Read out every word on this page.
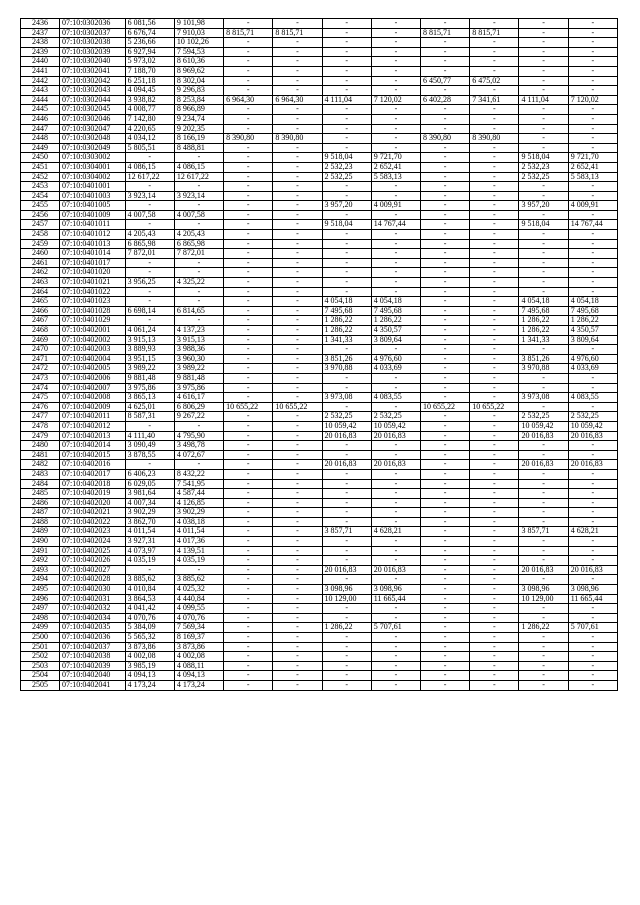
2436	07:10:0302036	6 081,56	9 101,98	-	-	-	-	-	-	-	-
2437	07:10:0302037	6 676,74	7 910,03	8 815,71	8 815,71	-	-	8 815,71	8 815,71	-	-
2438	07:10:0302038	5 236,66	10 102,26	-	-	-	-	-	-	-	-
2439	07:10:0302039	6 927,94	7 594,53	-	-	-	-	-	-	-	-
2440	07:10:0302040	5 973,02	8 610,36	-	-	-	-	-	-	-	-
2441	07:10:0302041	7 188,70	8 969,62	-	-	-	-	-	-	-	-
2442	07:10:0302042	6 251,18	8 302,04	-	-	-	-	6 450,77	6 475,02	-	-
2443	07:10:0302043	4 094,45	9 296,83	-	-	-	-	-	-	-	-
2444	07:10:0302044	3 938,82	8 253,84	6 964,30	6 964,30	4 111,04	7 120,02	6 402,28	7 341,61	4 111,04	7 120,02
2445	07:10:0302045	4 008,77	8 966,89	-	-	-	-	-	-	-	-
2446	07:10:0302046	7 142,80	9 234,74	-	-	-	-	-	-	-	-
2447	07:10:0302047	4 220,65	9 202,35	-	-	-	-	-	-	-	-
2448	07:10:0302048	4 034,12	8 166,19	8 390,80	8 390,80	-	-	8 390,80	8 390,80	-	-
2449	07:10:0302049	5 805,51	8 488,81	-	-	-	-	-	-	-	-
2450	07:10:0303002	-	-	-	-	9 518,04	9 721,70	-	-	9 518,04	9 721,70
2451	07:10:0304001	4 086,15	4 086,15	-	-	2 532,23	2 652,41	-	-	2 532,23	2 652,41
2452	07:10:0304002	12 617,22	12 617,22	-	-	2 532,25	5 583,13	-	-	2 532,25	5 583,13
2453	07:10:0401001	-	-	-	-	-	-	-	-	-	-
2454	07:10:0401003	3 923,14	3 923,14	-	-	-	-	-	-	-	-
2455	07:10:0401005	-	-	-	-	3 957,20	4 009,91	-	-	3 957,20	4 009,91
2456	07:10:0401009	4 007,58	4 007,58	-	-	-	-	-	-	-	-
2457	07:10:0401011	-	-	-	-	9 518,04	14 767,44	-	-	9 518,04	14 767,44
2458	07:10:0401012	4 205,43	4 205,43	-	-	-	-	-	-	-	-
2459	07:10:0401013	6 865,98	6 865,98	-	-	-	-	-	-	-	-
2460	07:10:0401014	7 872,01	7 872,01	-	-	-	-	-	-	-	-
2461	07:10:0401017	-	-	-	-	-	-	-	-	-	-
2462	07:10:0401020	-	-	-	-	-	-	-	-	-	-
2463	07:10:0401021	3 956,25	4 325,22	-	-	-	-	-	-	-	-
2464	07:10:0401022	-	-	-	-	-	-	-	-	-	-
2465	07:10:0401023	-	-	-	-	4 054,18	4 054,18	-	-	4 054,18	4 054,18
2466	07:10:0401028	6 698,14	6 814,65	-	-	7 495,68	7 495,68	-	-	7 495,68	7 495,68
2467	07:10:0401029	-	-	-	-	1 286,22	1 286,22	-	-	1 286,22	1 286,22
2468	07:10:0402001	4 061,24	4 137,23	-	-	1 286,22	4 350,57	-	-	1 286,22	4 350,57
2469	07:10:0402002	3 915,13	3 915,13	-	-	1 341,33	3 809,64	-	-	1 341,33	3 809,64
2470	07:10:0402003	3 889,93	3 988,36	-	-	-	-	-	-	-	-
2471	07:10:0402004	3 951,15	3 960,30	-	-	3 851,26	4 976,60	-	-	3 851,26	4 976,60
2472	07:10:0402005	3 989,22	3 989,22	-	-	3 970,88	4 033,69	-	-	3 970,88	4 033,69
2473	07:10:0402006	9 881,48	9 881,48	-	-	-	-	-	-	-	-
2474	07:10:0402007	3 975,86	3 975,86	-	-	-	-	-	-	-	-
2475	07:10:0402008	3 865,13	4 616,17	-	-	3 973,08	4 083,55	-	-	3 973,08	4 083,55
2476	07:10:0402009	4 625,01	6 806,29	10 655,22	10 655,22	-	-	10 655,22	10 655,22	-	-
2477	07:10:0402011	8 587,31	9 267,22	-	-	2 532,25	2 532,25	-	-	2 532,25	2 532,25
2478	07:10:0402012	-	-	-	-	10 059,42	10 059,42	-	-	10 059,42	10 059,42
2479	07:10:0402013	4 111,40	4 795,90	-	-	20 016,83	20 016,83	-	-	20 016,83	20 016,83
2480	07:10:0402014	3 090,49	3 498,78	-	-	-	-	-	-	-	-
2481	07:10:0402015	3 878,55	4 072,67	-	-	-	-	-	-	-	-
2482	07:10:0402016	-	-	-	-	20 016,83	20 016,83	-	-	20 016,83	20 016,83
2483	07:10:0402017	6 406,23	8 432,22	-	-	-	-	-	-	-	-
2484	07:10:0402018	6 029,05	7 541,95	-	-	-	-	-	-	-	-
2485	07:10:0402019	3 981,64	4 587,44	-	-	-	-	-	-	-	-
2486	07:10:0402020	4 007,34	4 126,85	-	-	-	-	-	-	-	-
2487	07:10:0402021	3 902,29	3 902,29	-	-	-	-	-	-	-	-
2488	07:10:0402022	3 862,70	4 038,18	-	-	-	-	-	-	-	-
2489	07:10:0402023	4 011,54	4 011,54	-	-	3 857,71	4 628,21	-	-	3 857,71	4 628,21
2490	07:10:0402024	3 927,31	4 017,36	-	-	-	-	-	-	-	-
2491	07:10:0402025	4 073,97	4 139,51	-	-	-	-	-	-	-	-
2492	07:10:0402026	4 035,19	4 035,19	-	-	-	-	-	-	-	-
2493	07:10:0402027	-	-	-	-	20 016,83	20 016,83	-	-	20 016,83	20 016,83
2494	07:10:0402028	3 885,62	3 885,62	-	-	-	-	-	-	-	-
2495	07:10:0402030	4 010,84	4 025,32	-	-	3 098,96	3 098,96	-	-	3 098,96	3 098,96
2496	07:10:0402031	3 864,53	4 440,84	-	-	10 129,00	11 665,44	-	-	10 129,00	11 665,44
2497	07:10:0402032	4 041,42	4 099,55	-	-	-	-	-	-	-	-
2498	07:10:0402034	4 070,76	4 070,76	-	-	-	-	-	-	-	-
2499	07:10:0402035	5 384,09	7 569,34	-	-	1 286,22	5 707,61	-	-	1 286,22	5 707,61
2500	07:10:0402036	5 565,32	8 169,37	-	-	-	-	-	-	-	-
2501	07:10:0402037	3 873,86	3 873,86	-	-	-	-	-	-	-	-
2502	07:10:0402038	4 002,08	4 002,08	-	-	-	-	-	-	-	-
2503	07:10:0402039	3 985,19	4 088,11	-	-	-	-	-	-	-	-
2504	07:10:0402040	4 094,13	4 094,13	-	-	-	-	-	-	-	-
2505	07:10:0402041	4 173,24	4 173,24	-	-	-	-	-	-	-	-
